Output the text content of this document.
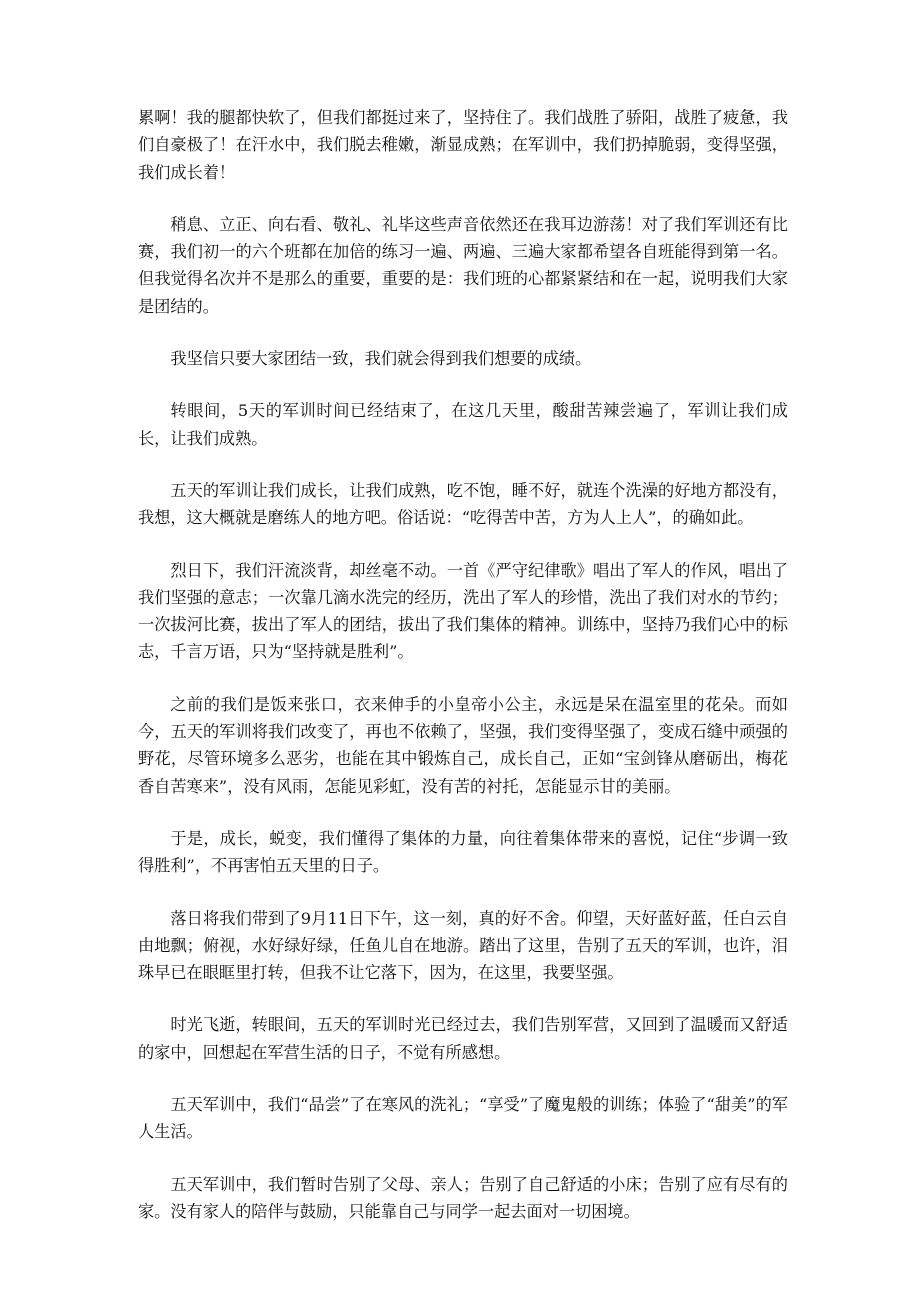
累啊！我的腿都快软了，但我们都挺过来了，坚持住了。我们战胜了骄阳，战胜了疲惫，我们自豪极了！在汗水中，我们脱去稚嫩，渐显成熟；在军训中，我们扔掉脆弱，变得坚强，我们成长着！

稍息、立正、向右看、敬礼、礼毕这些声音依然还在我耳边游荡！对了我们军训还有比赛，我们初一的六个班都在加倍的练习一遍、两遍、三遍大家都希望各自班能得到第一名。但我觉得名次并不是那么的重要，重要的是：我们班的心都紧紧结和在一起，说明我们大家是团结的。

我坚信只要大家团结一致，我们就会得到我们想要的成绩。

转眼间，5天的军训时间已经结束了，在这几天里，酸甜苦辣尝遍了，军训让我们成长，让我们成熟。

五天的军训让我们成长，让我们成熟，吃不饱，睡不好，就连个洗澡的好地方都没有，我想，这大概就是磨练人的地方吧。俗话说：“吃得苦中苦，方为人上人”，的确如此。

烈日下，我们汗流淡背，却丝毫不动。一首《严守纪律歌》唱出了军人的作风，唱出了我们坚强的意志；一次靠几滴水洗完的经历，洗出了军人的珍惜，洗出了我们对水的节约；一次拔河比赛，拔出了军人的团结，拔出了我们集体的精神。训练中，坚持乃我们心中的标志，千言万语，只为“坚持就是胜利”。

之前的我们是饭来张口，衣来伸手的小皇帝小公主，永远是呆在温室里的花朵。而如今，五天的军训将我们改变了，再也不依赖了，坚强，我们变得坚强了，变成石缝中顽强的野花，尽管环境多么恶劣，也能在其中锻炼自己，成长自己，正如“宝剑锋从磨砺出，梅花香自苦寒来”，没有风雨，怎能见彩虹，没有苦的衬托，怎能显示甘的美丽。

于是，成长，蜕变，我们懂得了集体的力量，向往着集体带来的喜悦，记住“步调一致得胜利”，不再害怕五天里的日子。

落日将我们带到了9月11日下午，这一刻，真的好不舍。仰望，天好蓝好蓝，任白云自由地飘；俯视，水好绿好绿，任鱼儿自在地游。踏出了这里，告别了五天的军训，也许，泪珠早已在眼眶里打转，但我不让它落下，因为，在这里，我要坚强。

时光飞逝，转眼间，五天的军训时光已经过去，我们告别军营，又回到了温暖而又舒适的家中，回想起在军营生活的日子，不觉有所感想。

五天军训中，我们“品尝”了在寒风的洗礼；“享受”了魔鬼般的训练；体验了“甜美”的军人生活。

五天军训中，我们暂时告别了父母、亲人；告别了自己舒适的小床；告别了应有尽有的家。没有家人的陪伴与鼓励，只能靠自己与同学一起去面对一切困境。
